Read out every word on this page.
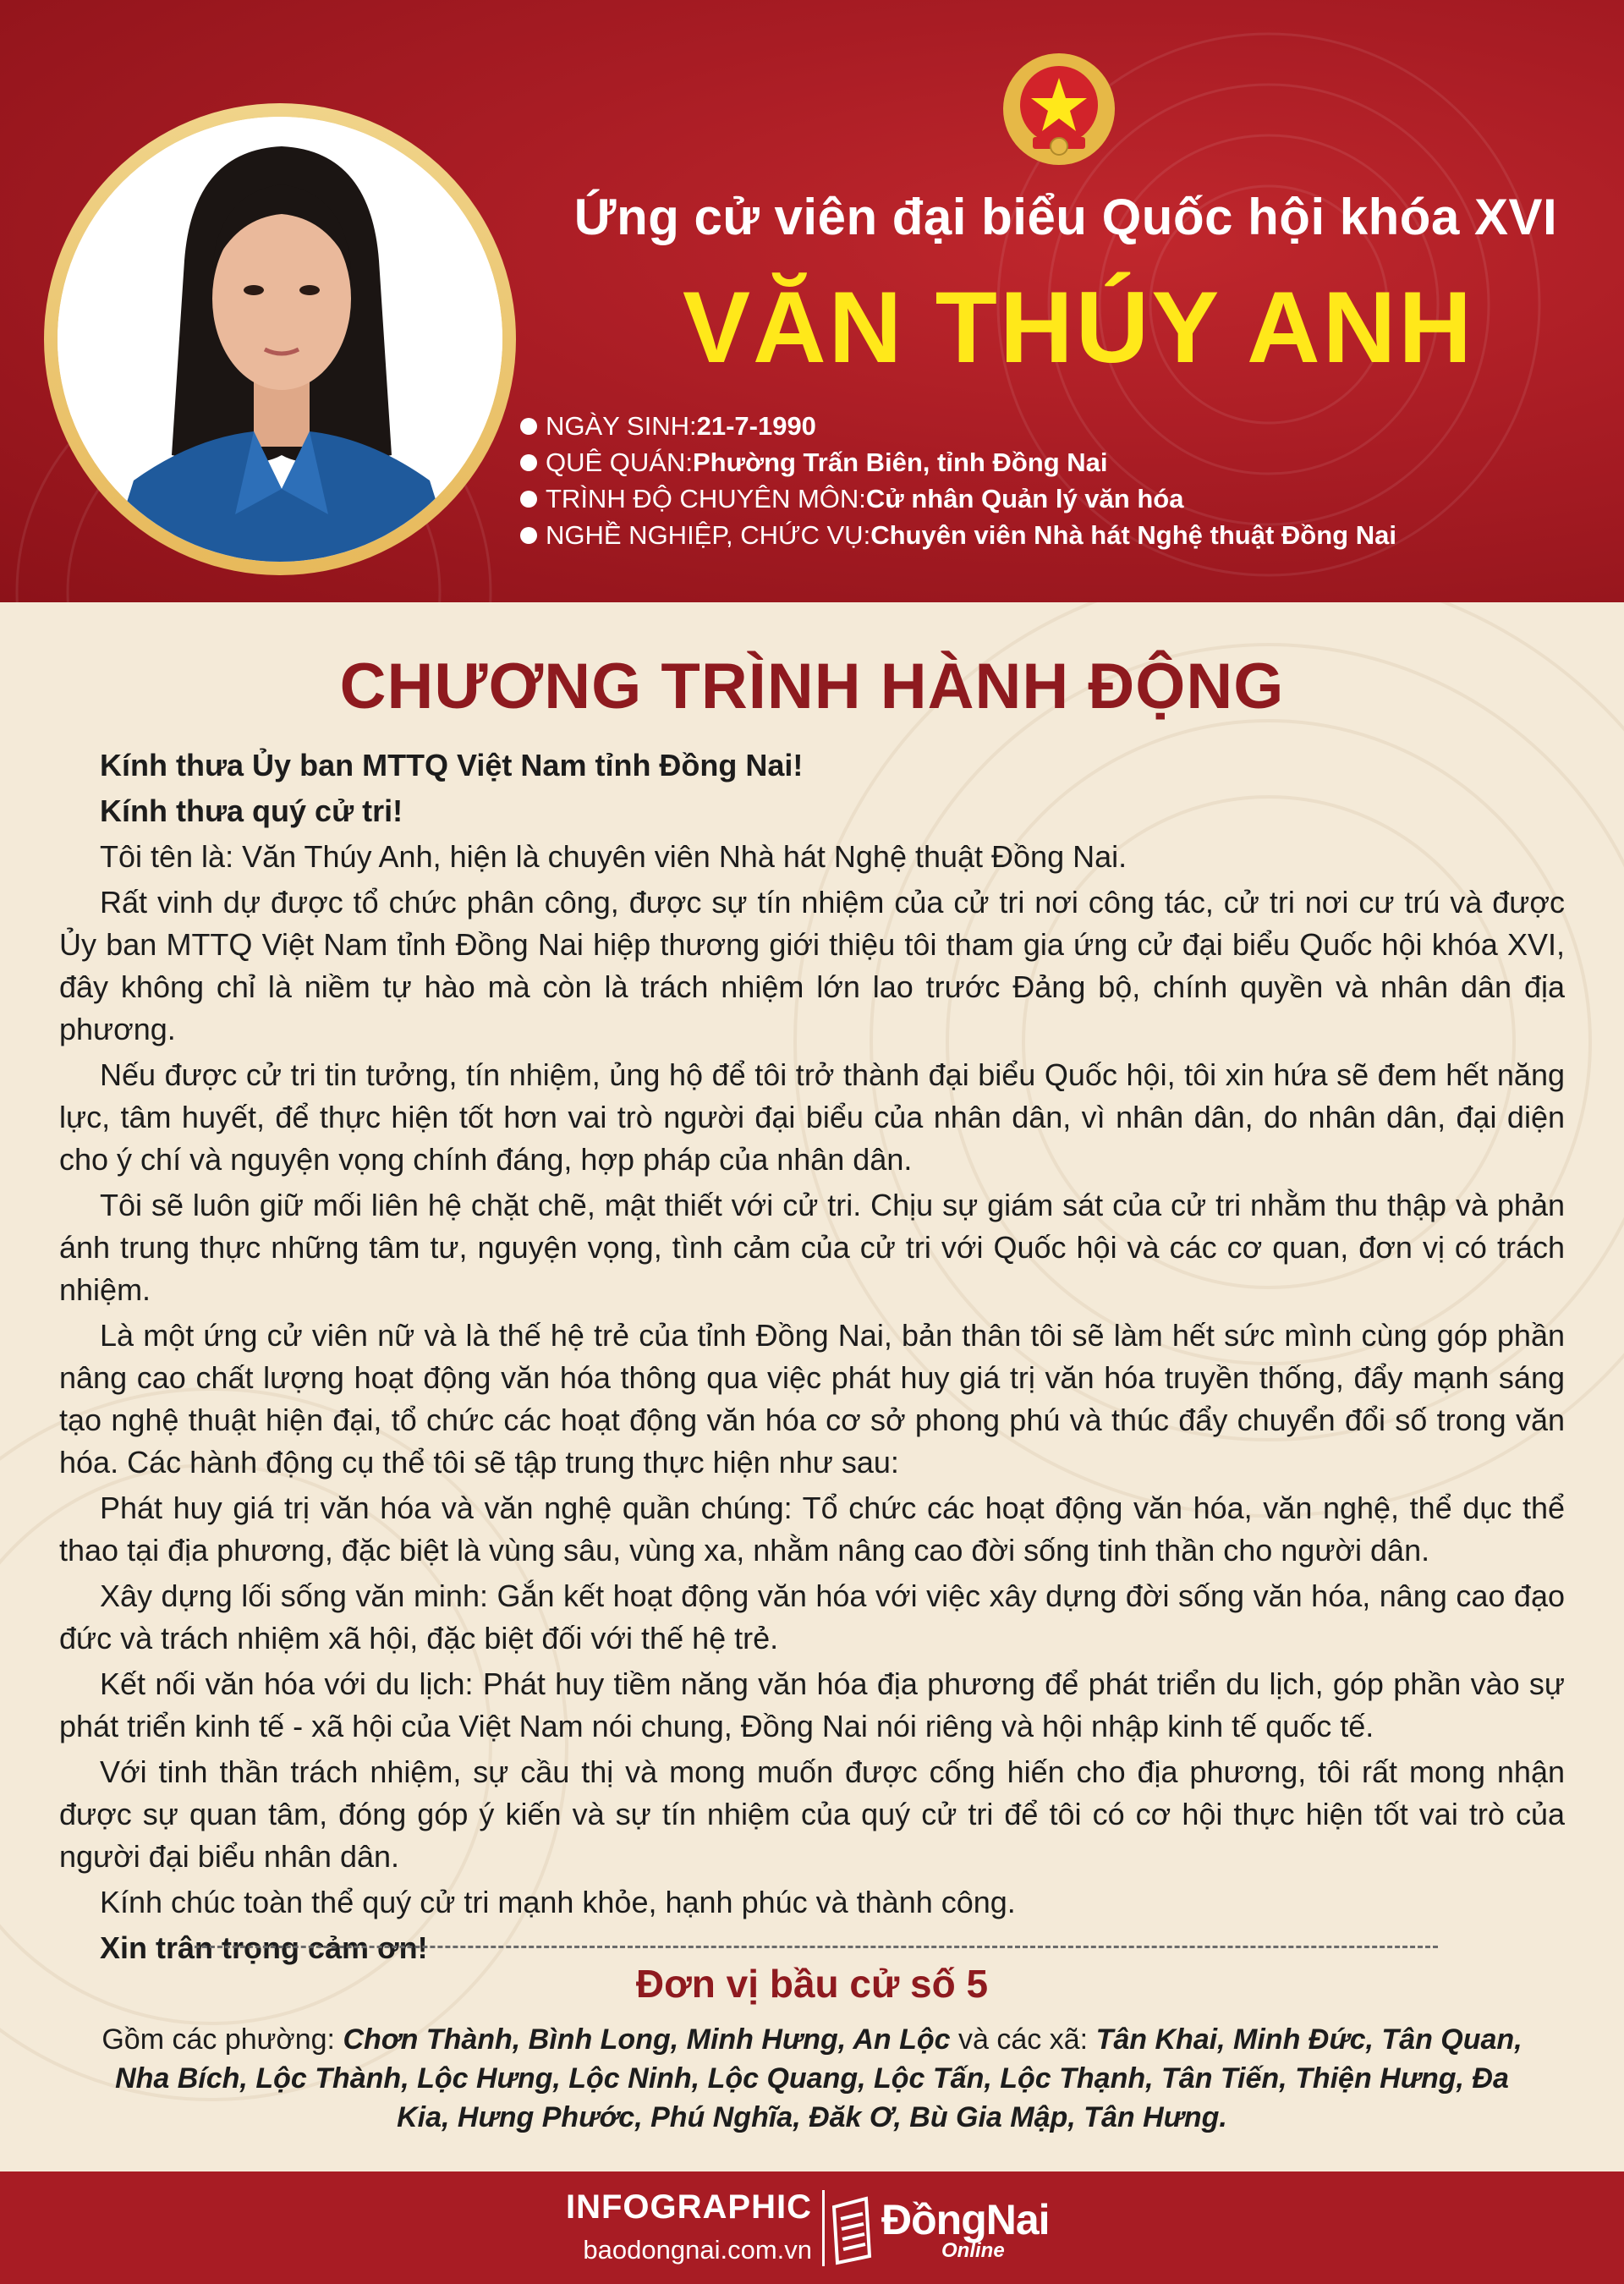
Ứng cử viên đại biểu Quốc hội khóa XVI
VĂN THÚY ANH
NGÀY SINH: 21-7-1990
QUÊ QUÁN: Phường Trấn Biên, tỉnh Đồng Nai
TRÌNH ĐỘ CHUYÊN MÔN: Cử nhân Quản lý văn hóa
NGHỀ NGHIỆP, CHỨC VỤ: Chuyên viên Nhà hát Nghệ thuật Đồng Nai
CHƯƠNG TRÌNH HÀNH ĐỘNG

Kính thưa Ủy ban MTTQ Việt Nam tỉnh Đồng Nai!

Kính thưa quý cử tri!

Tôi tên là: Văn Thúy Anh, hiện là chuyên viên Nhà hát Nghệ thuật Đồng Nai.

Rất vinh dự được tổ chức phân công, được sự tín nhiệm của cử tri nơi công tác, cử tri nơi cư trú và được Ủy ban MTTQ Việt Nam tỉnh Đồng Nai hiệp thương giới thiệu tôi tham gia ứng cử đại biểu Quốc hội khóa XVI, đây không chỉ là niềm tự hào mà còn là trách nhiệm lớn lao trước Đảng bộ, chính quyền và nhân dân địa phương.

Nếu được cử tri tin tưởng, tín nhiệm, ủng hộ để tôi trở thành đại biểu Quốc hội, tôi xin hứa sẽ đem hết năng lực, tâm huyết, để thực hiện tốt hơn vai trò người đại biểu của nhân dân, vì nhân dân, do nhân dân, đại diện cho ý chí và nguyện vọng chính đáng, hợp pháp của nhân dân.

Tôi sẽ luôn giữ mối liên hệ chặt chẽ, mật thiết với cử tri. Chịu sự giám sát của cử tri nhằm thu thập và phản ánh trung thực những tâm tư, nguyện vọng, tình cảm của cử tri với Quốc hội và các cơ quan, đơn vị có trách nhiệm.

Là một ứng cử viên nữ và là thế hệ trẻ của tỉnh Đồng Nai, bản thân tôi sẽ làm hết sức mình cùng góp phần nâng cao chất lượng hoạt động văn hóa thông qua việc phát huy giá trị văn hóa truyền thống, đẩy mạnh sáng tạo nghệ thuật hiện đại, tổ chức các hoạt động văn hóa cơ sở phong phú và thúc đẩy chuyển đổi số trong văn hóa. Các hành động cụ thể tôi sẽ tập trung thực hiện như sau:

Phát huy giá trị văn hóa và văn nghệ quần chúng: Tổ chức các hoạt động văn hóa, văn nghệ, thể dục thể thao tại địa phương, đặc biệt là vùng sâu, vùng xa, nhằm nâng cao đời sống tinh thần cho người dân.

Xây dựng lối sống văn minh: Gắn kết hoạt động văn hóa với việc xây dựng đời sống văn hóa, nâng cao đạo đức và trách nhiệm xã hội, đặc biệt đối với thế hệ trẻ.

Kết nối văn hóa với du lịch: Phát huy tiềm năng văn hóa địa phương để phát triển du lịch, góp phần vào sự phát triển kinh tế - xã hội của Việt Nam nói chung, Đồng Nai nói riêng và hội nhập kinh tế quốc tế.

Với tinh thần trách nhiệm, sự cầu thị và mong muốn được cống hiến cho địa phương, tôi rất mong nhận được sự quan tâm, đóng góp ý kiến và sự tín nhiệm của quý cử tri để tôi có cơ hội thực hiện tốt vai trò của người đại biểu nhân dân.

Kính chúc toàn thể quý cử tri mạnh khỏe, hạnh phúc và thành công.

Xin trân trọng cảm ơn!

Đơn vị bầu cử số 5
Gồm các phường: Chơn Thành, Bình Long, Minh Hưng, An Lộc và các xã: Tân Khai, Minh Đức, Tân Quan, Nha Bích, Lộc Thành, Lộc Hưng, Lộc Ninh, Lộc Quang, Lộc Tấn, Lộc Thạnh, Tân Tiến, Thiện Hưng, Đa Kia, Hưng Phước, Phú Nghĩa, Đăk Ơ, Bù Gia Mập, Tân Hưng.
INFOGRAPHIC
baodongnai.com.vn
ĐồngNai
Online
